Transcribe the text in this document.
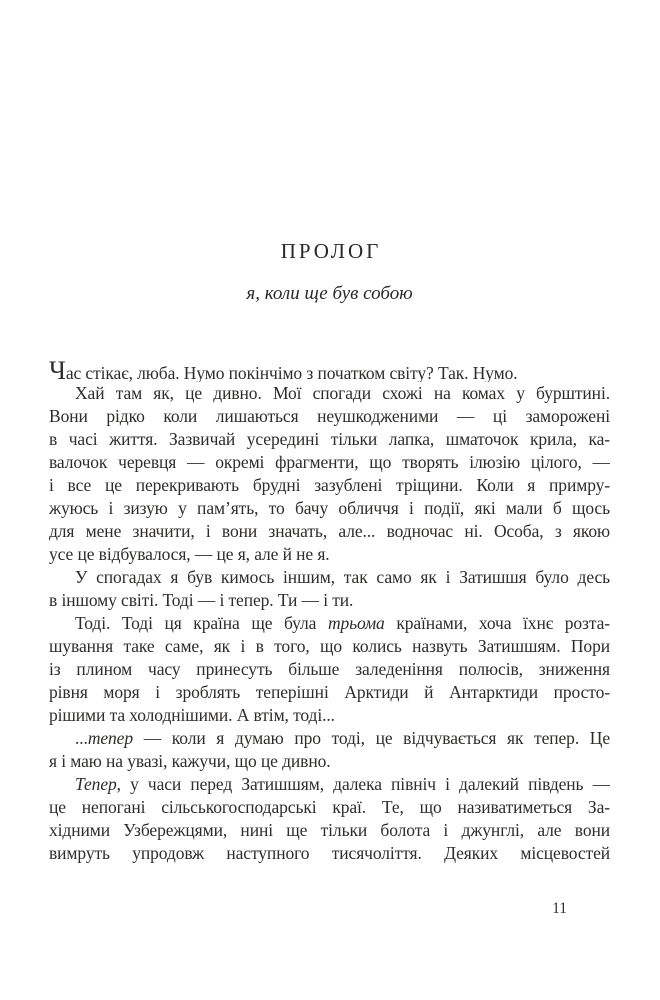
ПРОЛОГ
я, коли ще був собою
Час стікає, люба. Нумо покінчімо з початком світу? Так. Нумо.
Хай там як, це дивно. Мої спогади схожі на комах у бурштині.
Вони рідко коли лишаються неушкодженими — ці заморожені
в часі життя. Зазвичай усередині тільки лапка, шматочок крила, ка-
валочок черевця — окремі фрагменти, що творять ілюзію цілого, —
і все це перекривають брудні зазублені тріщини. Коли я примру-
жуюсь і зизую у пам’ять, то бачу обличчя і події, які мали б щось
для мене значити, і вони значать, але... водночас ні. Особа, з якою
усе це відбувалося, — це я, але й не я.
У спогадах я був кимось іншим, так само як і Затишшя було десь
в іншому світі. Тоді — і тепер. Ти — і ти.
Тоді. Тоді ця країна ще була трьома країнами, хоча їхнє розта-
шування таке саме, як і в того, що колись назвуть Затишшям. Пори
із плином часу принесуть більше заледеніння полюсів, зниження
рівня моря і зроблять теперішні Арктиди й Антарктиди просто-
рішими та холоднішими. А втім, тоді...
...тепер — коли я думаю про тоді, це відчувається як тепер. Це
я і маю на увазі, кажучи, що це дивно.
Тепер, у часи перед Затишшям, далека північ і далекий південь —
це непогані сільськогосподарські краї. Те, що називатиметься За-
хідними Узбережцями, нині ще тільки болота і джунглі, але вони
вимруть упродовж наступного тисячоліття. Деяких місцевостей
11
